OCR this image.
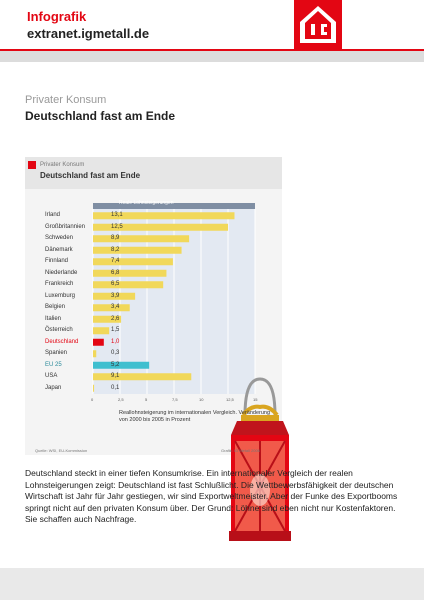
Infografik
extranet.igmetall.de
Privater Konsum
Deutschland fast am Ende
Privater Konsum
Deutschland fast am Ende
Reale Lohnsteigerungen
Irland
Großbritannien
Schweden
Dänemark
Finnland
Niederlande
Frankreich
Luxemburg
Belgien
Italien
Österreich
Deutschland
Spanien
EU 25
USA
Japan
13,1
12,5
8,9
8,2
7,4
6,8
6,5
3,9
3,4
2,6
1,5
1,0
0,3
5,2
9,1
0,1
0	2,5	5	7,5	10	12,5	15
Reallohnsteigerung im internationalen Vergleich. Veränderung von 2000 bis 2005 in Prozent
Quelle: WSI, EU-Kommission	Grafik: IG Metall 2006
Deutschland steckt in einer tiefen Konsumkrise. Ein internationaler Vergleich der realen Lohnsteigerungen zeigt: Deutschland ist fast Schlußlicht. Die Wettbewerbsfähigkeit der deutschen Wirtschaft ist Jahr für Jahr gestiegen, wir sind Exportweltmeister. Aber der Funke des Exportbooms springt nicht auf den privaten Konsum über. Der Grund: Löhne sind eben nicht nur Kostenfaktoren. Sie schaffen auch Nachfrage.
